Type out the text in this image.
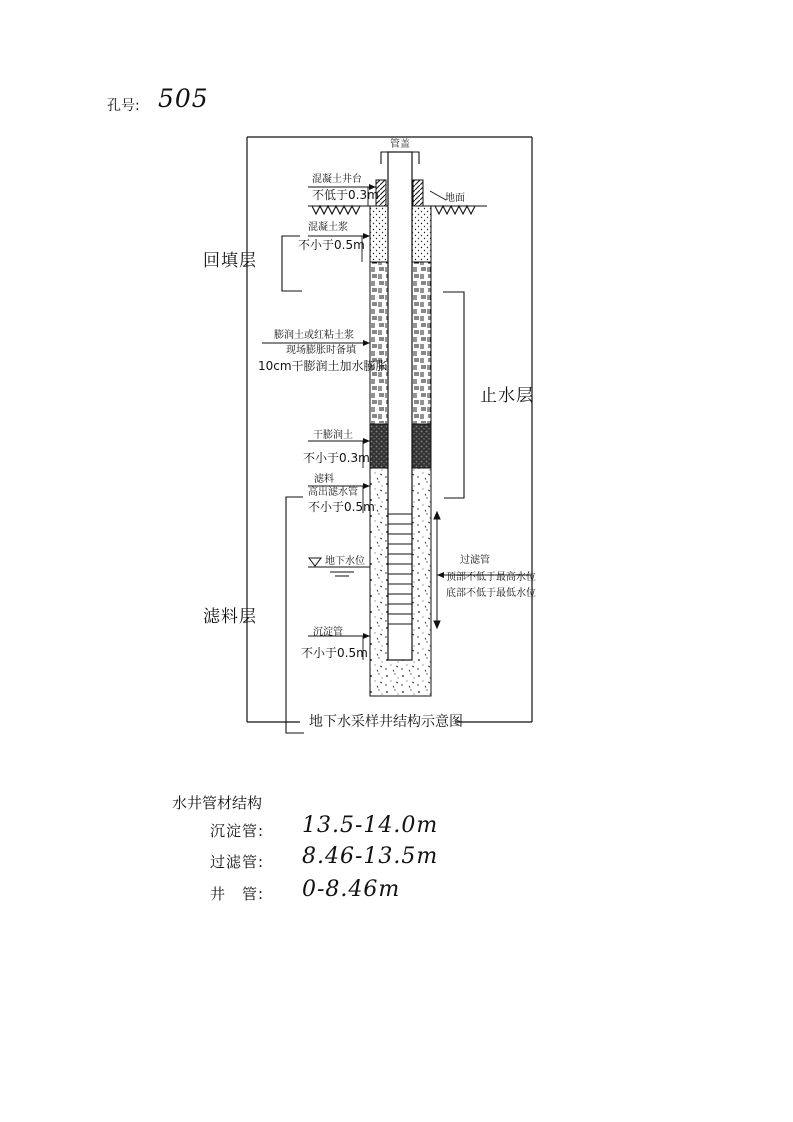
孔号: 505
管盖
混凝土井台
不低于0.3m	地面
混凝土浆
不小于0.5m
膨润土或红粘土浆
现场膨胀时备填
10cm干膨润土加水膨胀
干膨润土
不小于0.3m
滤料
高出滤水管
不小于0.5m
地下水位	过滤管
顶部不低于最高水位
底部不低于最低水位
沉淀管
不小于0.5m
回填层
止水层
滤料层
地下水采样井结构示意图
水井管材结构
沉淀管: 13.5-14.0m
过滤管: 8.46-13.5m
井　管: 0-8.46m
